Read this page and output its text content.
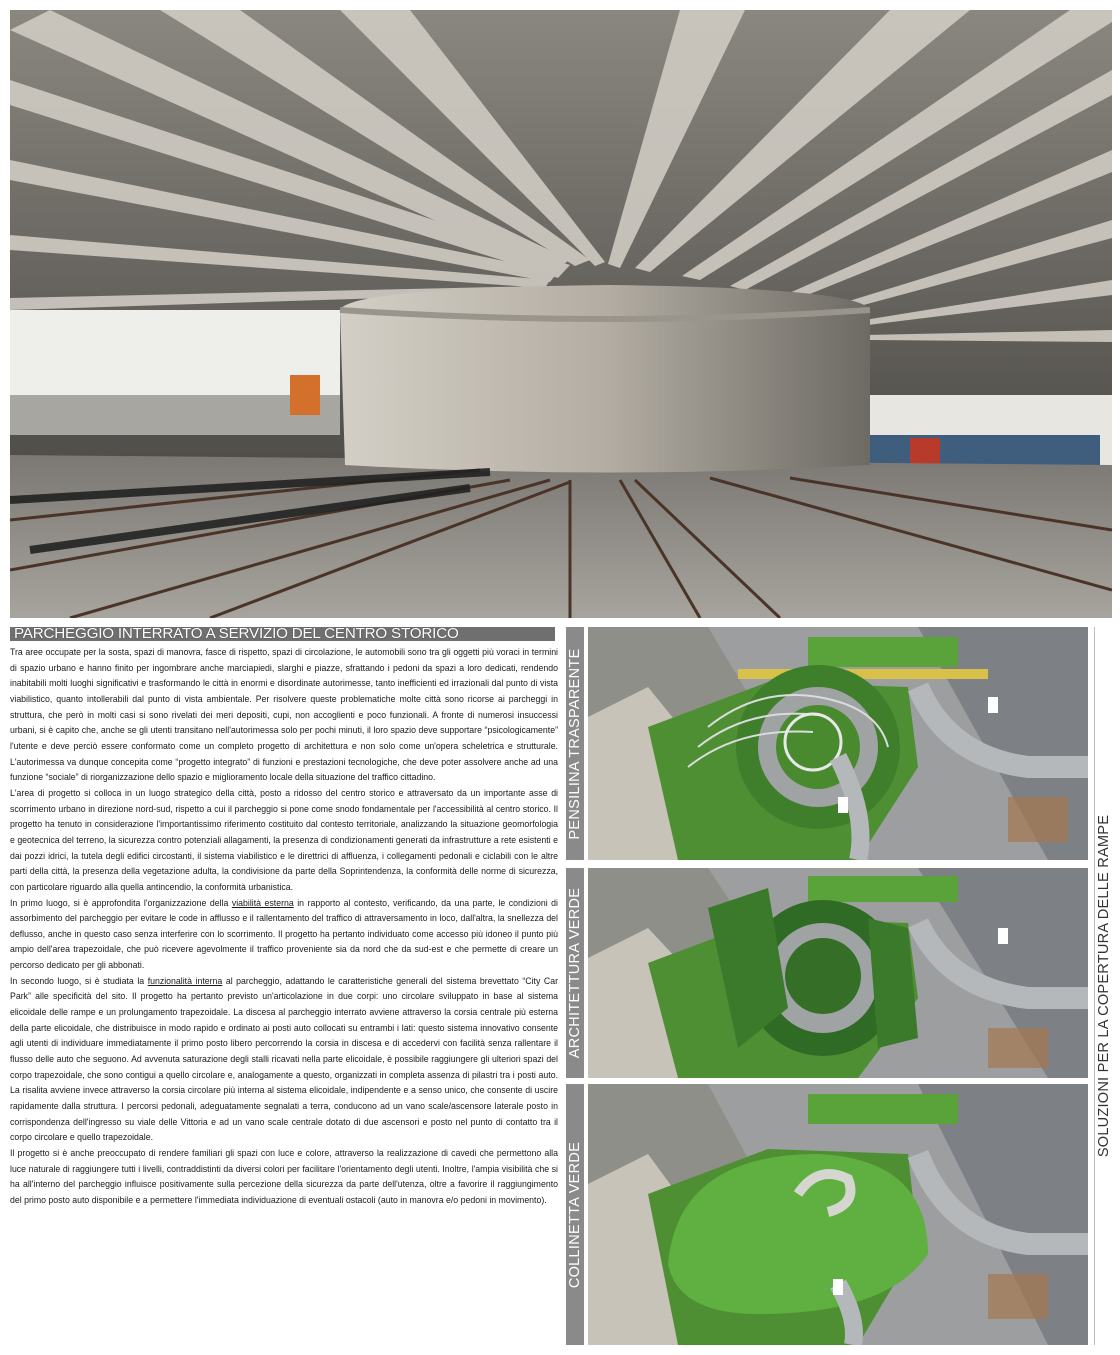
PARCHEGGIO INTERRATO A SERVIZIO DEL CENTRO STORICO

Tra aree occupate per la sosta, spazi di manovra, fasce di rispetto, spazi di circolazione, le automobili sono tra gli oggetti più voraci in termini di spazio urbano e hanno finito per ingombrare anche marciapiedi, slarghi e piazze, sfrattando i pedoni da spazi a loro dedicati, rendendo inabitabili molti luoghi significativi e trasformando le città in enormi e disordinate autorimesse, tanto inefficienti ed irrazionali dal punto di vista viabilistico, quanto intollerabili dal punto di vista ambientale. Per risolvere queste problematiche molte città sono ricorse ai parcheggi in struttura, che però in molti casi si sono rivelati dei meri depositi, cupi, non accoglienti e poco funzionali. A fronte di numerosi insuccessi urbani, si è capito che, anche se gli utenti transitano nell'autorimessa solo per pochi minuti, il loro spazio deve supportare “psicologicamente” l'utente e deve perciò essere conformato come un completo progetto di architettura e non solo come un'opera scheletrica e strutturale. L'autorimessa va dunque concepita come “progetto integrato” di funzioni e prestazioni tecnologiche, che deve poter assolvere anche ad una funzione “sociale” di riorganizzazione dello spazio e miglioramento locale della situazione del traffico cittadino.

L'area di progetto si colloca in un luogo strategico della città, posto a ridosso del centro storico e attraversato da un importante asse di scorrimento urbano in direzione nord-sud, rispetto a cui il parcheggio si pone come snodo fondamentale per l'accessibilità al centro storico. Il progetto ha tenuto in considerazione l'importantissimo riferimento costituito dal contesto territoriale, analizzando la situazione geomorfologia e geotecnica del terreno, la sicurezza contro potenziali allagamenti, la presenza di condizionamenti generati da infrastrutture a rete esistenti e dai pozzi idrici, la tutela degli edifici circostanti, il sistema viabilistico e le direttrici di affluenza, i collegamenti pedonali e ciclabili con le altre parti della città, la presenza della vegetazione adulta, la condivisione da parte della Soprintendenza, la conformità delle norme di sicurezza, con particolare riguardo alla quella antincendio, la conformità urbanistica.

In primo luogo, si è approfondita l'organizzazione della viabilità esterna in rapporto al contesto, verificando, da una parte, le condizioni di assorbimento del parcheggio per evitare le code in afflusso e il rallentamento del traffico di attraversamento in loco, dall'altra, la snellezza del deflusso, anche in questo caso senza interferire con lo scorrimento. Il progetto ha pertanto individuato come accesso più idoneo il punto più ampio dell'area trapezoidale, che può ricevere agevolmente il traffico proveniente sia da nord che da sud-est e che permette di creare un percorso dedicato per gli abbonati.

In secondo luogo, si è studiata la funzionalità interna al parcheggio, adattando le caratteristiche generali del sistema brevettato “City Car Park” alle specificità del sito. Il progetto ha pertanto previsto un'articolazione in due corpi: uno circolare sviluppato in base al sistema elicoidale delle rampe e un prolungamento trapezoidale. La discesa al parcheggio interrato avviene attraverso la corsia centrale più esterna della parte elicoidale, che distribuisce in modo rapido e ordinato ai posti auto collocati su entrambi i lati: questo sistema innovativo consente agli utenti di individuare immediatamente il primo posto libero percorrendo la corsia in discesa e di accedervi con facilità senza rallentare il flusso delle auto che seguono. Ad avvenuta saturazione degli stalli ricavati nella parte elicoidale, è possibile raggiungere gli ulteriori spazi del corpo trapezoidale, che sono contigui a quello circolare e, analogamente a questo, organizzati in completa assenza di pilastri tra i posti auto. La risalita avviene invece attraverso la corsia circolare più interna al sistema elicoidale, indipendente e a senso unico, che consente di uscire rapidamente dalla struttura. I percorsi pedonali, adeguatamente segnalati a terra, conducono ad un vano scale/ascensore laterale posto in corrispondenza dell'ingresso su viale delle Vittoria e ad un vano scale centrale dotato di due ascensori e posto nel punto di contatto tra il corpo circolare e quello trapezoidale.

Il progetto si è anche preoccupato di rendere familiari gli spazi con luce e colore, attraverso la realizzazione di cavedi che permettono alla luce naturale di raggiungere tutti i livelli, contraddistinti da diversi colori per facilitare l'orientamento degli utenti. Inoltre, l'ampia visibilità che si ha all'interno del parcheggio influisce positivamente sulla percezione della sicurezza da parte dell'utenza, oltre a favorire il raggiungimento del primo posto auto disponibile e a permettere l'immediata individuazione di eventuali ostacoli (auto in manovra e/o pedoni in movimento).

PENSILINA TRASPARENTE
ARCHITETTURA VERDE
COLLINETTA VERDE
SOLUZIONI PER LA COPERTURA DELLE RAMPE
